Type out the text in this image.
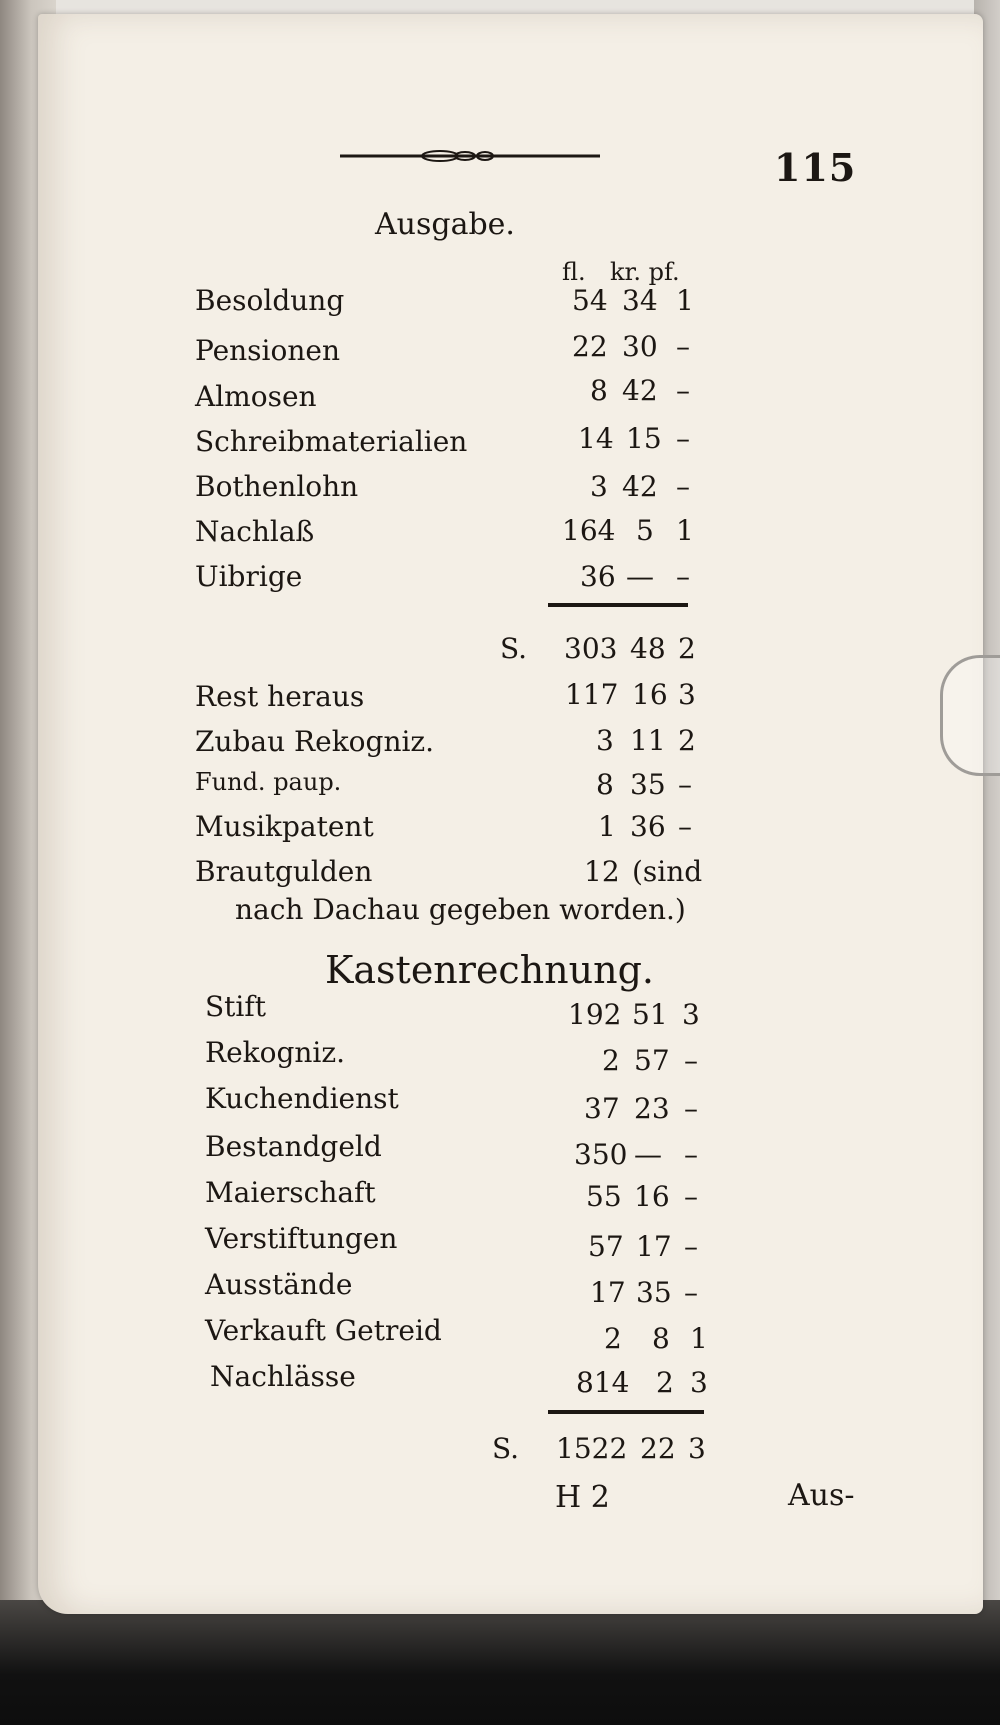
115
Ausgabe.
fl. kr. pf.
Besoldung	54 34 1
Pensionen	22 30 –
Almosen	8 42 –
Schreibmaterialien	14 15 –
Bothenlohn	3 42 –
Nachlaß	164 5 1
Uibrige	36 — –
S. 303 48 2
Rest heraus	117 16 3
Zubau Rekogniz.	3 11 2
Fund. paup.	8 35 –
Musikpatent	1 36 –
Brautgulden	12 (sind
nach Dachau gegeben worden.)
Kastenrechnung.
Stift	192 51 3
Rekogniz.	2 57 –
Kuchendienst	37 23 –
Bestandgeld	350 — –
Maierschaft	55 16 –
Verstiftungen	57 17 –
Ausstände	17 35 –
Verkauft Getreid	2 8 1
Nachlässe	814 2 3
S. 1522 22 3
H 2	Aus-
